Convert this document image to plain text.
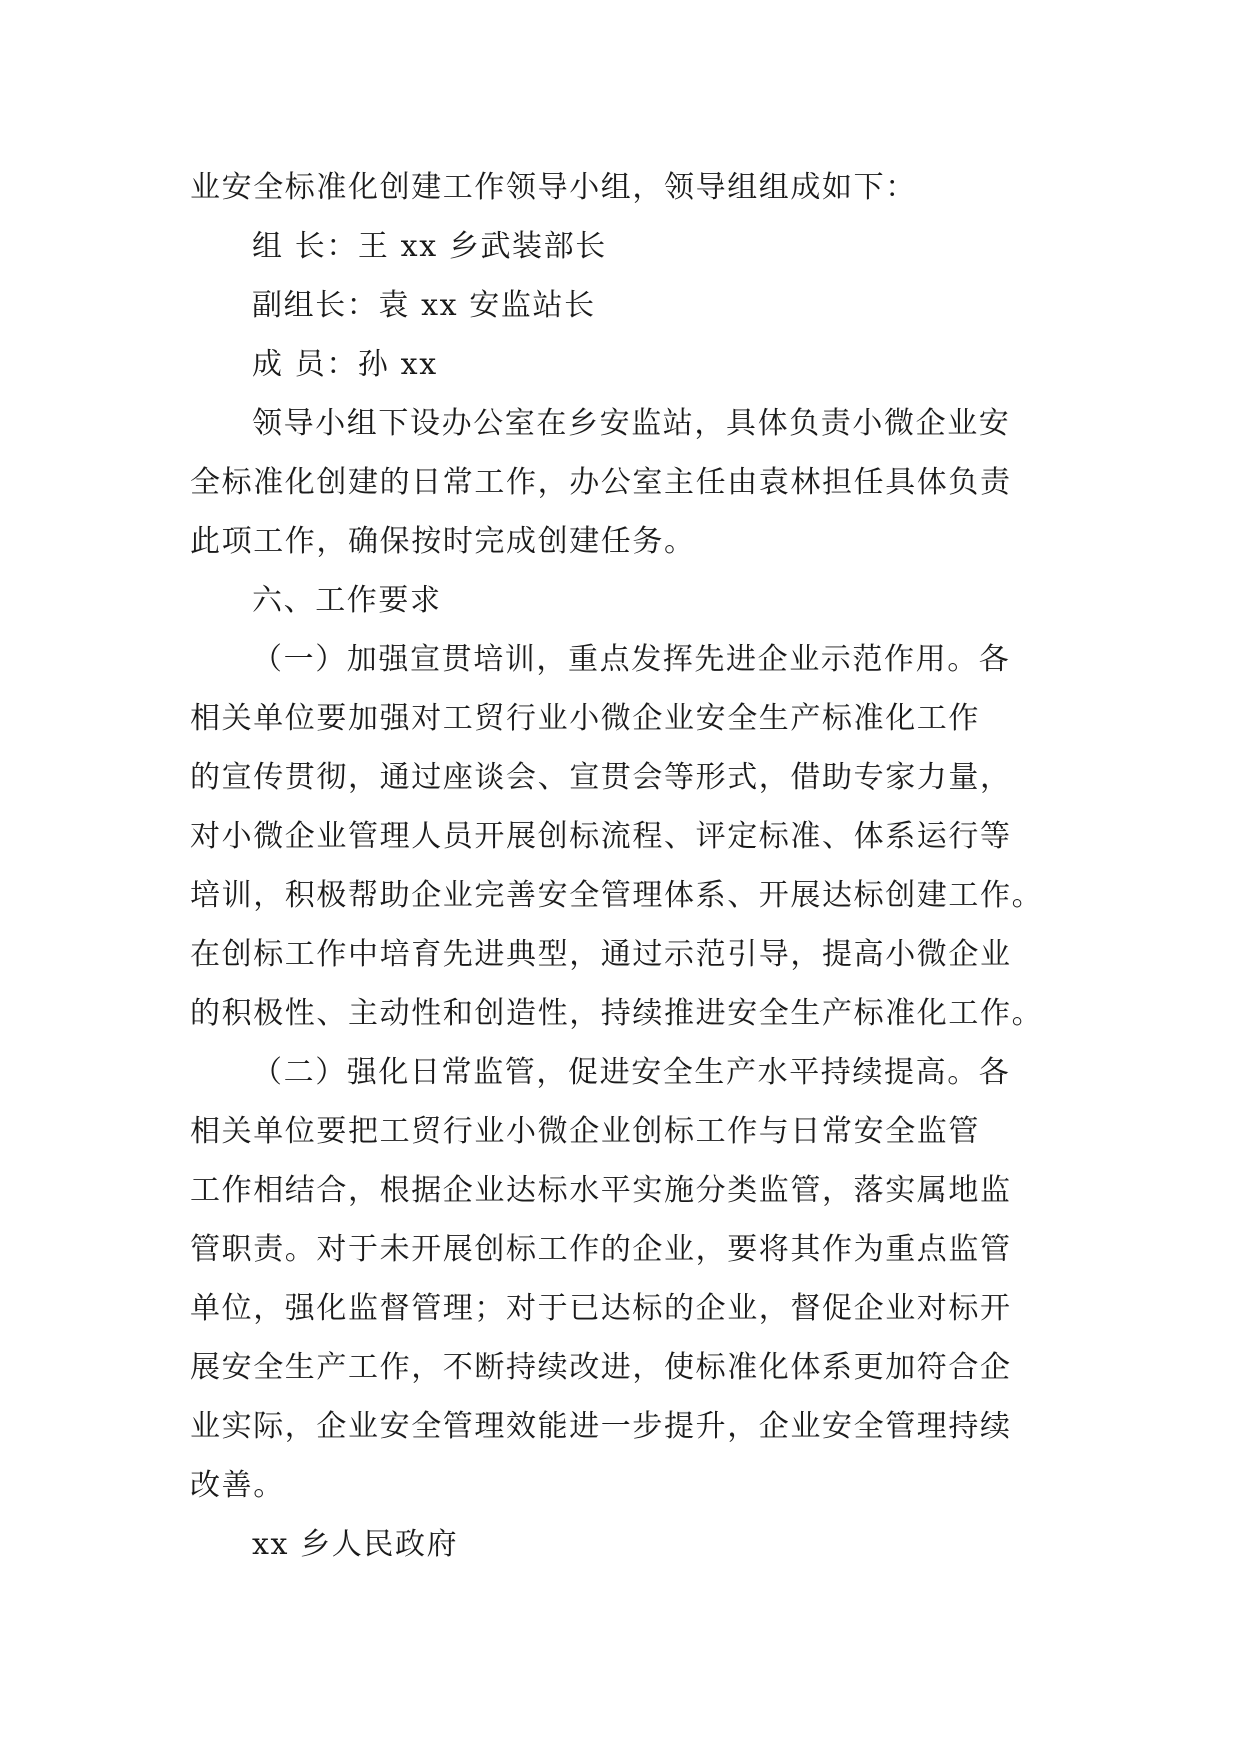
业安全标准化创建工作领导小组，领导组组成如下：

组 长：王 xx 乡武装部长

副组长：袁 xx 安监站长

成 员：孙 xx

领导小组下设办公室在乡安监站，具体负责小微企业安

全标准化创建的日常工作，办公室主任由袁林担任具体负责

此项工作，确保按时完成创建任务。

六、工作要求

（一）加强宣贯培训，重点发挥先进企业示范作用。各

相关单位要加强对工贸行业小微企业安全生产标准化工作

的宣传贯彻，通过座谈会、宣贯会等形式，借助专家力量，

对小微企业管理人员开展创标流程、评定标准、体系运行等

培训，积极帮助企业完善安全管理体系、开展达标创建工作。

在创标工作中培育先进典型，通过示范引导，提高小微企业

的积极性、主动性和创造性，持续推进安全生产标准化工作。

（二）强化日常监管，促进安全生产水平持续提高。各

相关单位要把工贸行业小微企业创标工作与日常安全监管

工作相结合，根据企业达标水平实施分类监管，落实属地监

管职责。对于未开展创标工作的企业，要将其作为重点监管

单位，强化监督管理；对于已达标的企业，督促企业对标开

展安全生产工作，不断持续改进，使标准化体系更加符合企

业实际，企业安全管理效能进一步提升，企业安全管理持续

改善。

xx 乡人民政府
